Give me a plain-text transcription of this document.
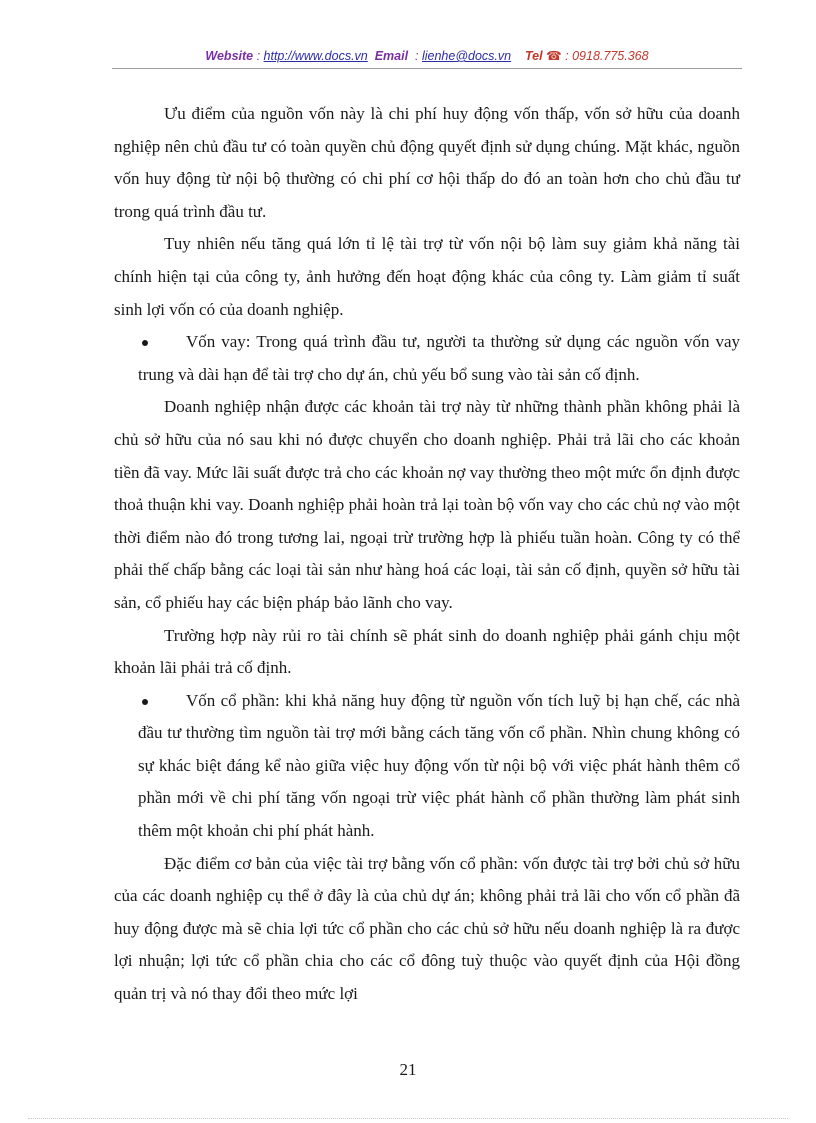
Website : http://www.docs.vn Email  : lienhe@docs.vn Tel ☎ : 0918.775.368

Ưu điểm của nguồn vốn này là chi phí huy động vốn thấp, vốn sở hữu của doanh nghiệp nên chủ đầu tư có toàn quyền chủ động quyết định sử dụng chúng. Mặt khác, nguồn vốn huy động từ nội bộ thường có chi phí cơ hội thấp do đó an toàn hơn cho chủ đầu tư trong quá trình đầu tư.

Tuy nhiên nếu tăng quá lớn tỉ lệ tài trợ từ vốn nội bộ làm suy giảm khả năng tài chính hiện tại của công ty, ảnh hưởng đến hoạt động khác của công ty. Làm giảm tỉ suất sinh lợi vốn có của doanh nghiệp.

Vốn vay: Trong quá trình đầu tư, người ta thường sử dụng các nguồn vốn vay trung và dài hạn để tài trợ cho dự án, chủ yếu bổ sung vào tài sản cố định.

Doanh nghiệp nhận được các khoản tài trợ này từ những thành phần không phải là chủ sở hữu của nó sau khi nó được chuyển cho doanh nghiệp. Phải trả lãi cho các khoản tiền đã vay. Mức lãi suất được trả cho các khoản nợ vay thường theo một mức ổn định được thoả thuận khi vay. Doanh nghiệp phải hoàn trả lại toàn bộ vốn vay cho các chủ nợ vào một thời điểm nào đó trong tương lai, ngoại trừ trường hợp là phiếu tuần hoàn. Công ty có thể phải thế chấp bằng các loại tài sản như hàng hoá các loại, tài sản cố định, quyền sở hữu tài sản, cổ phiếu hay các biện pháp bảo lãnh cho vay.

Trường hợp này rủi ro tài chính sẽ phát sinh do doanh nghiệp phải gánh chịu một khoản lãi phải trả cố định.

Vốn cổ phần: khi khả năng huy động từ nguồn vốn tích luỹ bị hạn chế, các nhà đầu tư thường tìm nguồn tài trợ mới bằng cách tăng vốn cổ phần. Nhìn chung không có sự khác biệt đáng kể nào giữa việc huy động vốn từ nội bộ với việc phát hành thêm cổ phần mới về chi phí tăng vốn ngoại trừ việc phát hành cổ phần thường làm phát sinh thêm một khoản chi phí phát hành.

Đặc điểm cơ bản của việc tài trợ bằng vốn cổ phần: vốn được tài trợ bởi chủ sở hữu của các doanh nghiệp cụ thể ở đây là của chủ dự án; không phải trả lãi cho vốn cổ phần đã huy động được mà sẽ chia lợi tức cổ phần cho các chủ sở hữu nếu doanh nghiệp là ra được lợi nhuận; lợi tức cổ phần chia cho các cổ đông tuỳ thuộc vào quyết định của Hội đồng quản trị và nó thay đổi theo mức lợi

21
